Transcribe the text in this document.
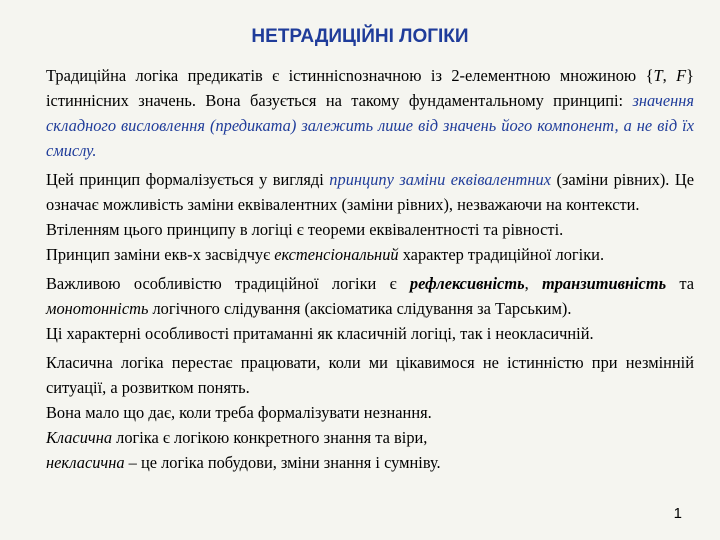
НЕТРАДИЦІЙНІ ЛОГІКИ

Традиційна логіка предикатів є істиннісnoзначною із 2-елементною множиною {T, F} істиннісних значень. Вона базується на такому фундаментальному принципі: значення складного висловлення (предиката) залежить лише від значень його компонент, а не від їх смислу.

Цей принцип формалізується у вигляді принципу заміни еквівалентних (заміни рівних). Це означає можливість заміни еквівалентних (заміни рівних), незважаючи на контексти.

Втіленням цього принципу в логіці є теореми еквівалентності та рівності.

Принцип заміни екв-х засвідчує екстенсіональний характер традиційної логіки.

Важливою особливістю традиційної логіки є рефлексивність, транзитивність та монотонність логічного слідування (аксіоматика слідування за Тарським).

Ці характерні особливості притаманні як класичній логіці, так і неокласичній.

Класична логіка перестає працювати, коли ми цікавимося не істинністю при незмінній ситуації, а розвитком понять.

Вона мало що дає, коли треба формалізувати незнання.

Класична логіка є логікою конкретного знання та віри,

некласична – це логіка побудови, зміни знання і сумніву.

1
